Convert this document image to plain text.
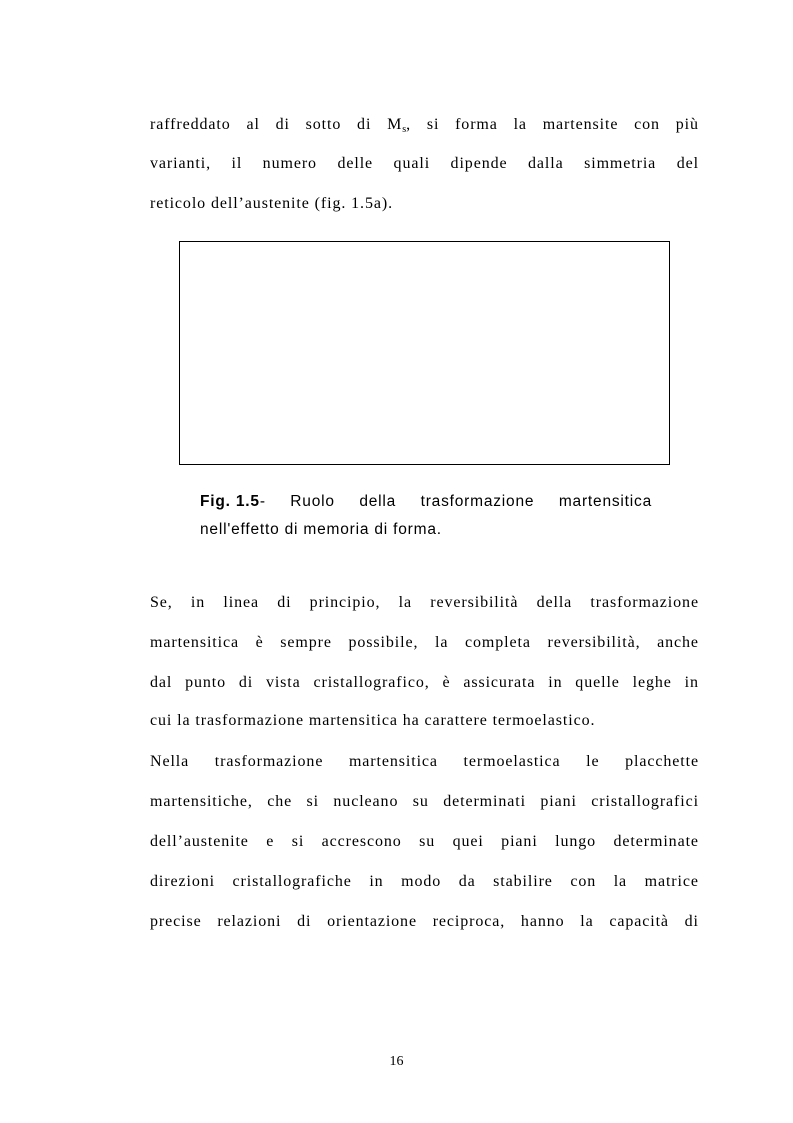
raffreddato al di sotto di $M_s$, si forma la martensite con più
varianti, il numero delle quali dipende dalla simmetria del
reticolo dell’austenite (fig. 1.5a).
Fig. 1.5 - Ruolo della trasformazione martensitica
nell'effetto di memoria di forma.
Se, in linea di principio, la reversibilità della trasformazione
martensitica è sempre possibile, la completa reversibilità, anche
dal punto di vista cristallografico, è assicurata in quelle leghe in
cui la trasformazione martensitica ha carattere termoelastico.
Nella trasformazione martensitica termoelastica le placchette
martensitiche, che si nucleano su determinati piani cristallografici
dell’austenite e si accrescono su quei piani lungo determinate
direzioni cristallografiche in modo da stabilire con la matrice
precise relazioni di orientazione reciproca, hanno la capacità di
16
